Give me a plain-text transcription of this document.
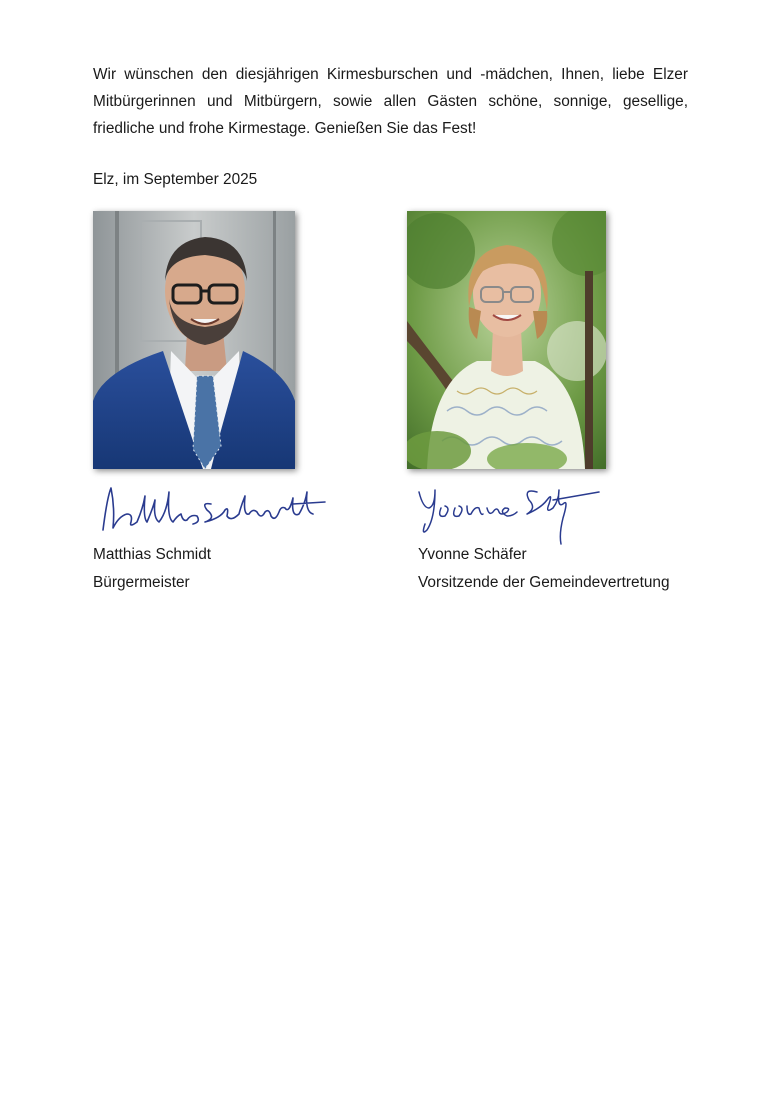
Wir wünschen den diesjährigen Kirmesburschen und -mädchen, Ihnen, liebe Elzer Mitbürgerinnen und Mitbürgern, sowie allen Gästen schöne, sonnige, gesellige, friedliche und frohe Kirmestage. Genießen Sie das Fest!

Elz, im September 2025

Matthias Schmidt

Bürgermeister

Yvonne Schäfer

Vorsitzende der Gemeindevertretung
